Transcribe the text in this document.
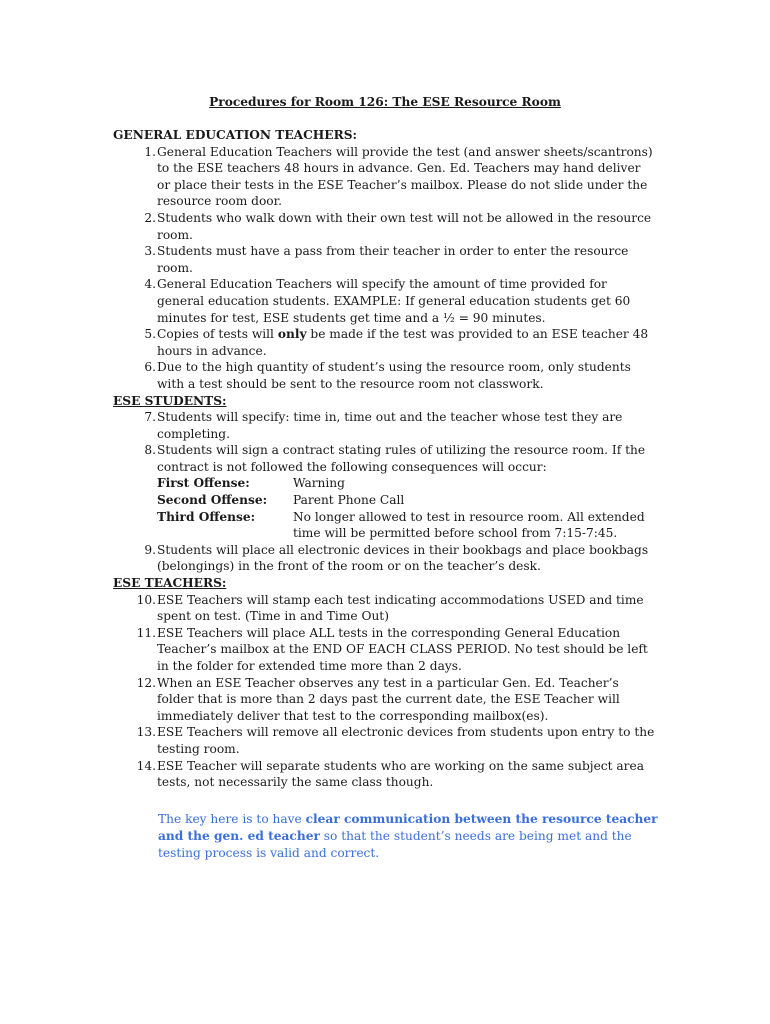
Procedures for Room 126: The ESE Resource Room

GENERAL EDUCATION TEACHERS:

1 . General Education Teachers will provide the test (and answer sheets/scantrons) to the ESE teachers 48 hours in advance. Gen. Ed. Teachers may hand deliver or place their tests in the ESE Teacher’s mailbox. Please do not slide under the resource room door.
2 . Students who walk down with their own test will not be allowed in the resource room.
3 . Students must have a pass from their teacher in order to enter the resource room.
4 . General Education Teachers will specify the amount of time provided for general education students. EXAMPLE: If general education students get 60 minutes for test, ESE students get time and a ½ = 90 minutes.
5 . Copies of tests will only be made if the test was provided to an ESE teacher 48 hours in advance.
6 . Due to the high quantity of student’s using the resource room, only students with a test should be sent to the resource room not classwork.

ESE STUDENTS:

7 . Students will specify: time in, time out and the teacher whose test they are completing.
8 . Students will sign a contract stating rules of utilizing the resource room. If the contract is not followed the following consequences will occur:
First Offense:	Warning
Second Offense:	Parent Phone Call
Third Offense:	No longer allowed to test in resource room. All extended time will be permitted before school from 7:15-7:45.
9 . Students will place all electronic devices in their bookbags and place bookbags (belongings) in the front of the room or on the teacher’s desk.

ESE TEACHERS:

10 . ESE Teachers will stamp each test indicating accommodations USED and time spent on test. (Time in and Time Out)
11 . ESE Teachers will place ALL tests in the corresponding General Education Teacher’s mailbox at the END OF EACH CLASS PERIOD. No test should be left in the folder for extended time more than 2 days.
12 . When an ESE Teacher observes any test in a particular Gen. Ed. Teacher’s folder that is more than 2 days past the current date, the ESE Teacher will immediately deliver that test to the corresponding mailbox(es).
13 . ESE Teachers will remove all electronic devices from students upon entry to the testing room.
14 . ESE Teacher will separate students who are working on the same subject area tests, not necessarily the same class though.
The key here is to have clear communication between the resource teacher and the gen. ed teacher so that the student’s needs are being met and the testing process is valid and correct.
